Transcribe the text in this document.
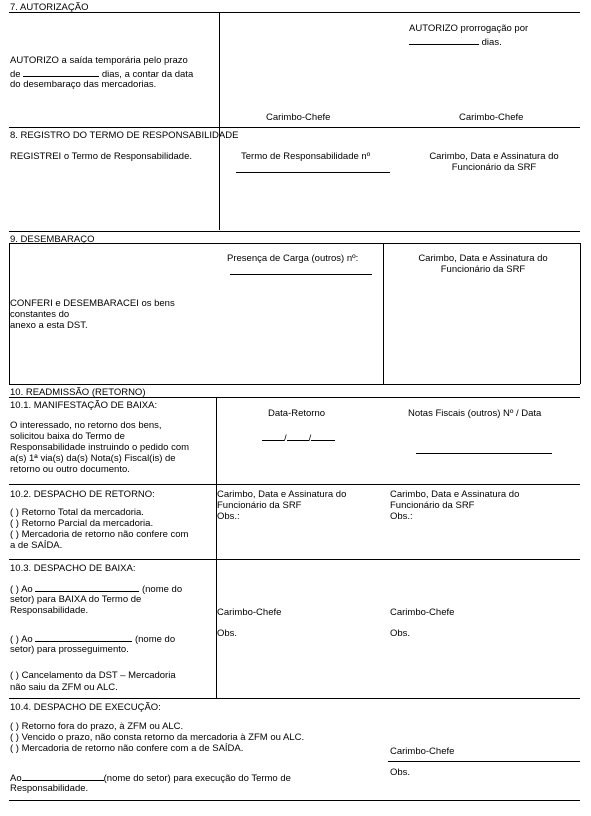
7. AUTORIZAÇÃO
AUTORIZO prorrogação por
dias.
AUTORIZO a saída temporária pelo prazo
de	dias, a contar da data
do desembaraço das mercadorias.
Carimbo-Chefe	Carimbo-Chefe
8. REGISTRO DO TERMO DE RESPONSABILIDADE
REGISTREI o Termo de Responsabilidade.	Termo de Responsabilidade nº	Carimbo, Data e Assinatura do
Funcionário da SRF
9. DESEMBARAÇO
Presença de Carga (outros) nº:	Carimbo, Data e Assinatura do
Funcionário da SRF
CONFERI e DESEMBARACEI os bens
constantes do
anexo a esta DST.
10. READMISSÃO (RETORNO)
10.1. MANIFESTAÇÃO DE BAIXA:
O interessado, no retorno dos bens,
solicitou baixa do Termo de
Responsabilidade instruindo o pedido com
a(s) 1ª via(s) da(s) Nota(s) Fiscal(is) de
retorno ou outro documento.
Data-Retorno
/ /
Notas Fiscais (outros) Nº / Data
10.2. DESPACHO DE RETORNO:
( ) Retorno Total da mercadoria.
( ) Retorno Parcial da mercadoria.
( ) Mercadoria de retorno não confere com
a de SAÍDA.
Carimbo, Data e Assinatura do
Funcionário da SRF
Obs.:
Carimbo, Data e Assinatura do
Funcionário da SRF
Obs.:
10.3. DESPACHO DE BAIXA:
( ) Ao	(nome do
setor) para BAIXA do Termo de
Responsabilidade.
( ) Ao	(nome do
setor) para prosseguimento.
( ) Cancelamento da DST – Mercadoria
não saiu da ZFM ou ALC.
Carimbo-Chefe
Obs.
Carimbo-Chefe
Obs.
10.4. DESPACHO DE EXECUÇÃO:
( ) Retorno fora do prazo, à ZFM ou ALC.
( ) Vencido o prazo, não consta retorno da mercadoria à ZFM ou ALC.
( ) Mercadoria de retorno não confere com a de SAÍDA.
Ao	(nome do setor) para execução do Termo de
Responsabilidade.
Carimbo-Chefe
Obs.
